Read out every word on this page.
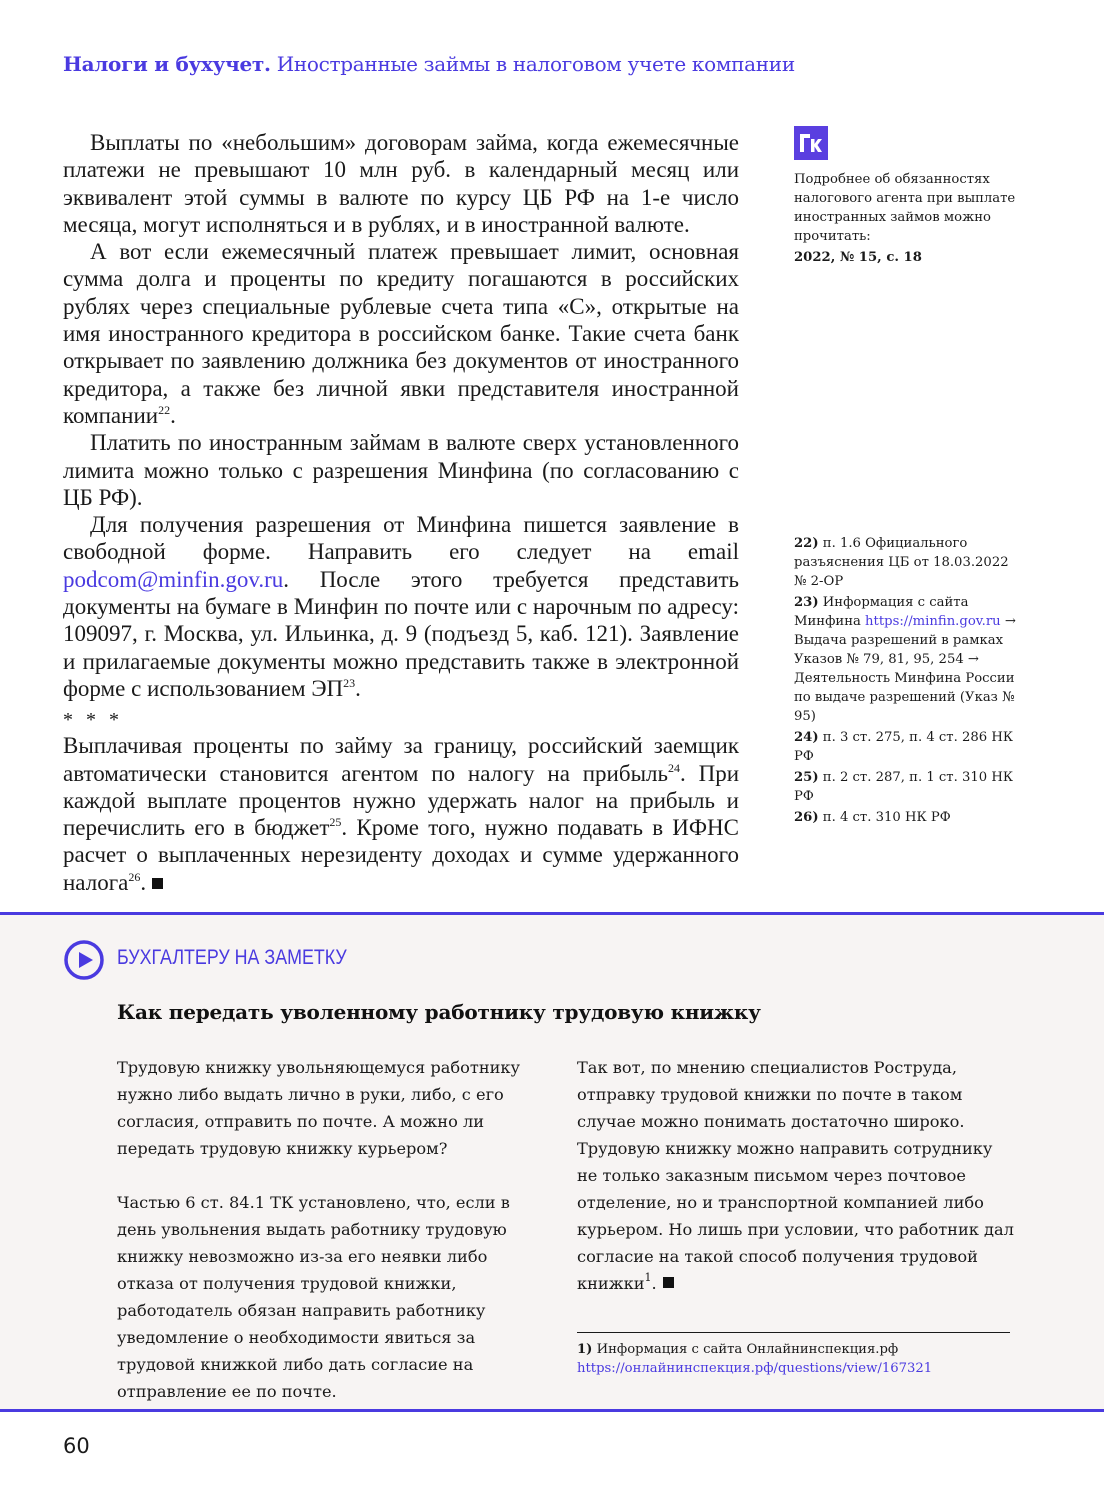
Налоги и бухучет. Иностранные займы в налоговом учете компании

Выплаты по «небольшим» договорам займа, когда ежемесячные платежи не превышают 10 млн руб. в календарный месяц или эквивалент этой суммы в валюте по курсу ЦБ РФ на 1-е число месяца, могут исполняться и в рублях, и в иностранной валюте.

А вот если ежемесячный платеж превышает лимит, основная сумма долга и проценты по кредиту погашаются в российских рублях через специальные рублевые счета типа «С», открытые на имя иностранного кредитора в российском банке. Такие счета банк открывает по заявлению должника без документов от иностранного кредитора, а также без личной явки представителя иностранной компании$^{22}$.

Платить по иностранным займам в валюте сверх установленного лимита можно только с разрешения Минфина (по согласованию с ЦБ РФ).

Для получения разрешения от Минфина пишется заявление в свободной форме. Направить его следует на email podcom@minfin.gov.ru. После этого требуется представить документы на бумаге в Минфин по почте или с нарочным по адресу: 109097, г. Москва, ул. Ильинка, д. 9 (подъезд 5, каб. 121). Заявление и прилагаемые документы можно представить также в электронной форме с использованием ЭП$^{23}$.

* * *

Выплачивая проценты по займу за границу, российский заемщик автоматически становится агентом по налогу на прибыль$^{24}$. При каждой выплате процентов нужно удержать налог на прибыль и перечислить его в бюджет$^{25}$. Кроме того, нужно подавать в ИФНС расчет о выплаченных нерезиденту доходах и сумме удержанного налога$^{26}$.

Подробнее об обязанностях налогового агента при выплате иностранных займов можно прочитать:
2022, № 15, с. 18
22) п. 1.6 Официального разъяснения ЦБ от 18.03.2022 № 2-ОР
23) Информация с сайта Минфина https://minfin.gov.ru → Выдача разрешений в рамках Указов № 79, 81, 95, 254 → Деятельность Минфина России по выдаче разрешений (Указ № 95)
24) п. 3 ст. 275, п. 4 ст. 286 НК РФ
25) п. 2 ст. 287, п. 1 ст. 310 НК РФ
26) п. 4 ст. 310 НК РФ
БУХГАЛТЕРУ НА ЗАМЕТКУ
Как передать уволенному работнику трудовую книжку

Трудовую книжку увольняющемуся работнику нужно либо выдать лично в руки, либо, с его согласия, отправить по почте. А можно ли передать трудовую книжку курьером?

Частью 6 ст. 84.1 ТК установлено, что, если в день увольнения выдать работнику трудовую книжку невозможно из-за его неявки либо отказа от получения трудовой книжки, работодатель обязан направить работнику уведомление о необходимости явиться за трудовой книжкой либо дать согласие на отправление ее по почте.

Так вот, по мнению специалистов Роструда, отправку трудовой книжки по почте в таком случае можно понимать достаточно широко. Трудовую книжку можно направить сотруднику не только заказным письмом через почтовое отделение, но и транспортной компанией либо курьером. Но лишь при условии, что работник дал согласие на такой способ получения трудовой книжки$^1$.

1) Информация с сайта Онлайнинспекция.рф
https://онлайнинспекция.рф/questions/view/167321
60
